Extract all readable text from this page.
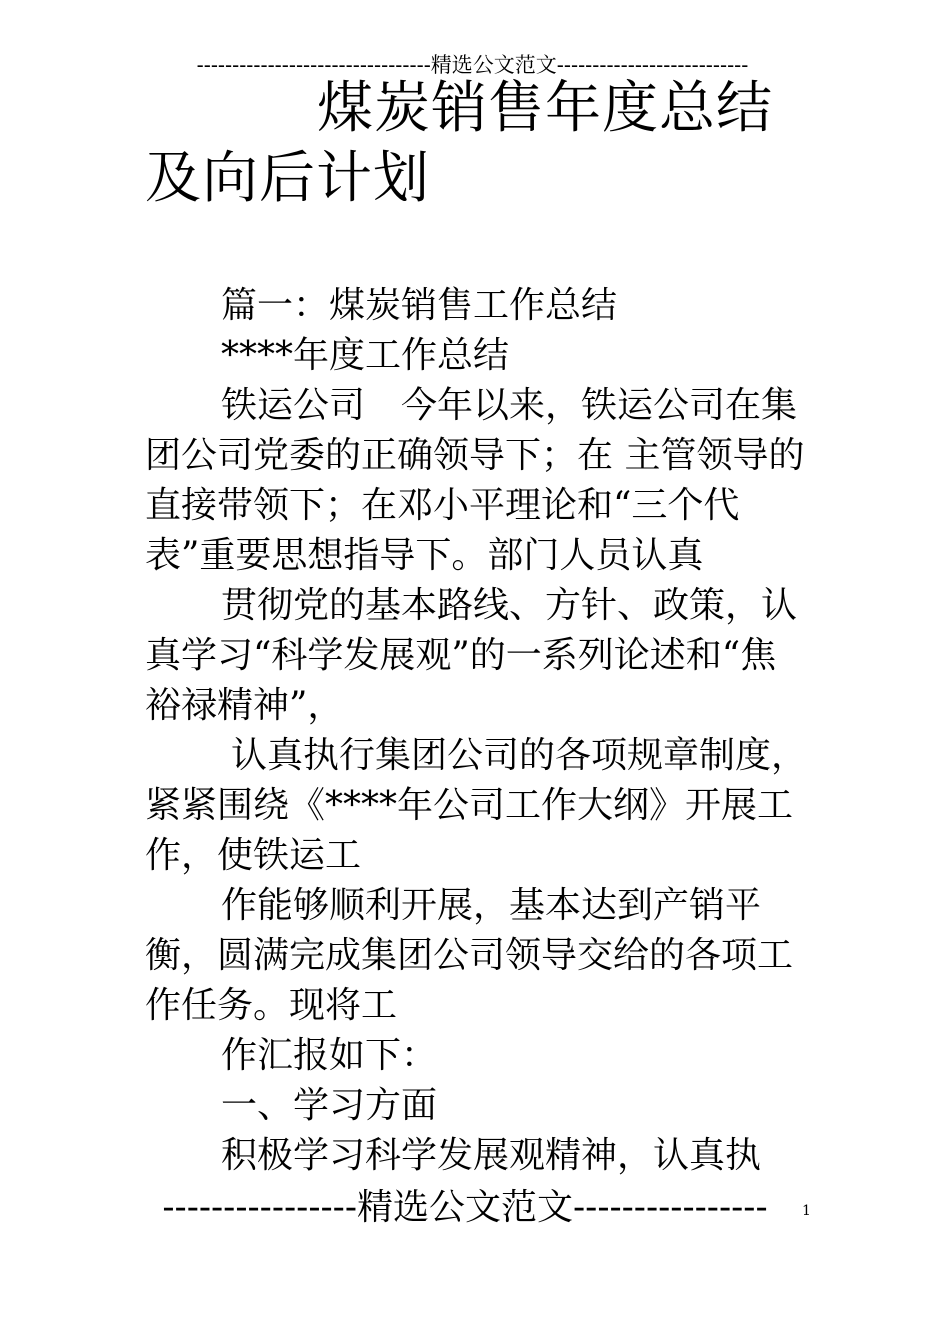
---------------------------------精选公文范文---------------------------
煤炭销售年度总结
及向后计划

篇一：煤炭销售工作总结

****年度工作总结

铁运公司　今年以来，铁运公司在集团公司党委的正确领导下；在 主管领导的直接带领下；在邓小平理论和“三个代表”重要思想指导下。部门人员认真

贯彻党的基本路线、方针、政策，认真学习“科学发展观”的一系列论述和“焦裕禄精神”，

认真执行集团公司的各项规章制度，紧紧围绕《****年公司工作大纲》开展工作，使铁运工

作能够顺利开展，基本达到产销平衡，圆满完成集团公司领导交给的各项工作任务。现将工

作汇报如下：

一、学习方面

积极学习科学发展观精神，认真执

----------------精选公文范文----------------	1
